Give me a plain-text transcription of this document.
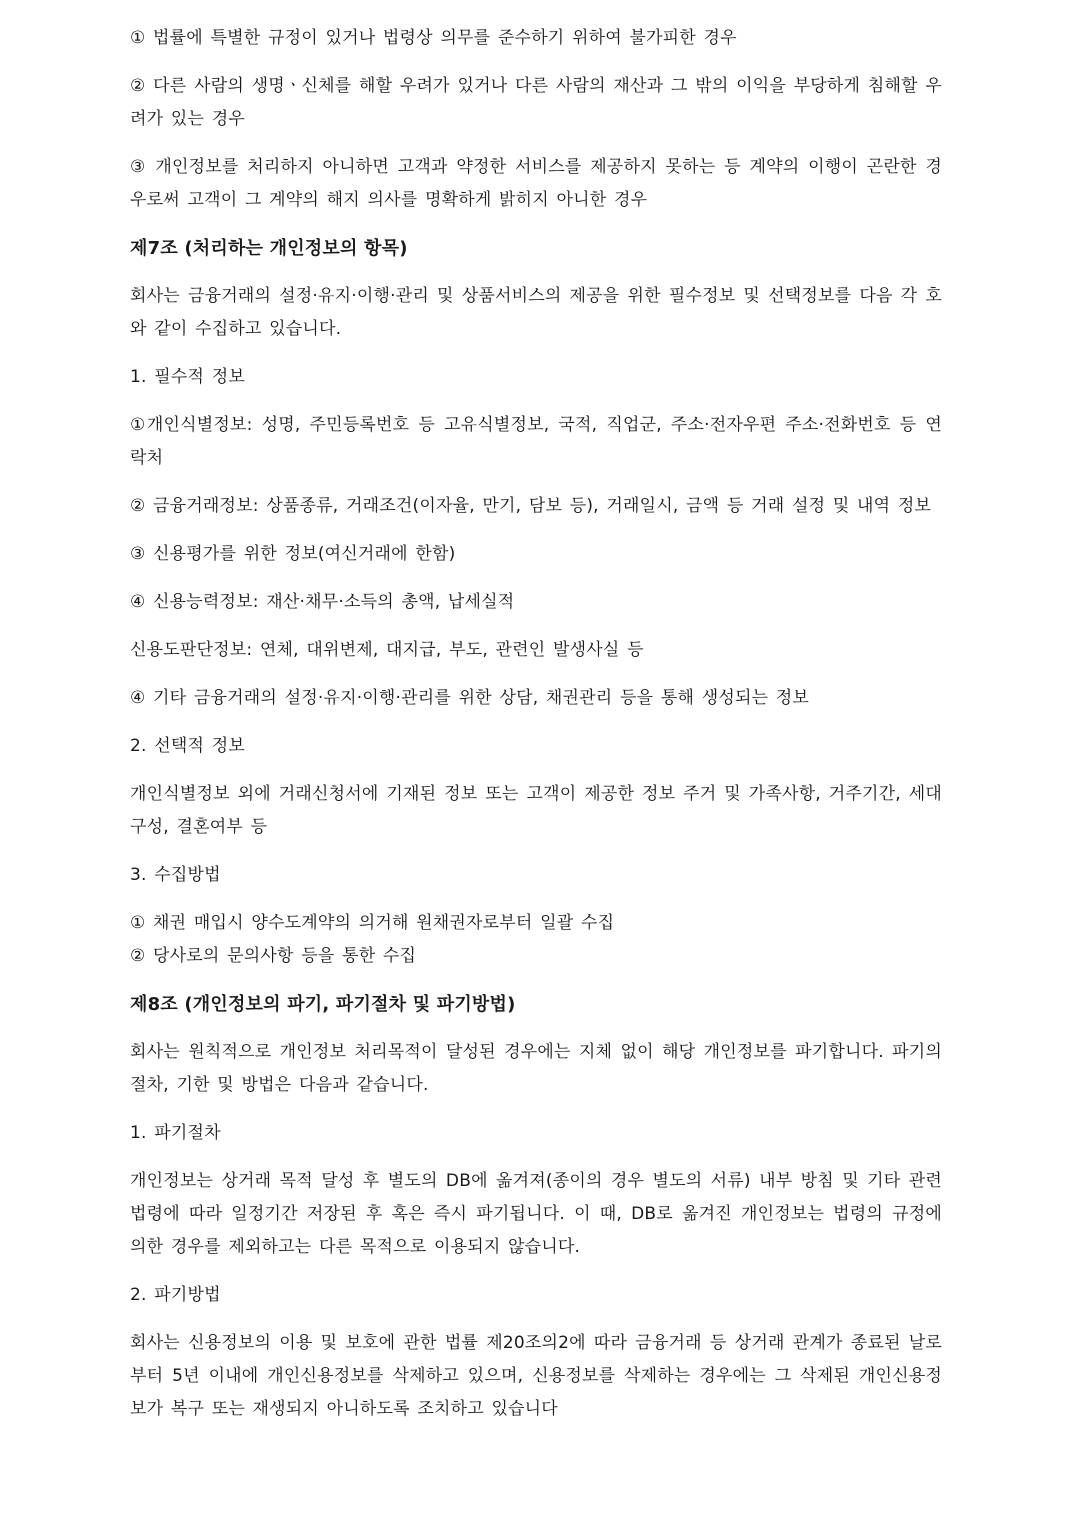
① 법률에 특별한 규정이 있거나 법령상 의무를 준수하기 위하여 불가피한 경우
② 다른 사람의 생명ㆍ신체를 해할 우려가 있거나 다른 사람의 재산과 그 밖의 이익을 부당하게 침해할 우려가 있는 경우
③ 개인정보를 처리하지 아니하면 고객과 약정한 서비스를 제공하지 못하는 등 계약의 이행이 곤란한 경우로써 고객이 그 계약의 해지 의사를 명확하게 밝히지 아니한 경우
제7조 (처리하는 개인정보의 항목)
회사는 금융거래의 설정·유지·이행·관리 및 상품서비스의 제공을 위한 필수정보 및 선택정보를 다음 각 호와 같이 수집하고 있습니다.
1. 필수적 정보
①개인식별정보: 성명, 주민등록번호 등 고유식별정보, 국적, 직업군, 주소·전자우편 주소·전화번호 등 연락처
② 금융거래정보: 상품종류, 거래조건(이자율, 만기, 담보 등), 거래일시, 금액 등 거래 설정 및 내역 정보
③ 신용평가를 위한 정보(여신거래에 한함)
④ 신용능력정보: 재산·채무·소득의 총액, 납세실적
신용도판단정보: 연체, 대위변제, 대지급, 부도, 관련인 발생사실 등
④ 기타 금융거래의 설정·유지·이행·관리를 위한 상담, 채권관리 등을 통해 생성되는 정보
2. 선택적 정보
개인식별정보 외에 거래신청서에 기재된 정보 또는 고객이 제공한 정보 주거 및 가족사항, 거주기간, 세대구성, 결혼여부 등
3. 수집방법
① 채권 매입시 양수도계약의 의거해 원채권자로부터 일괄 수집
② 당사로의 문의사항 등을 통한 수집
제8조 (개인정보의 파기, 파기절차 및 파기방법)
회사는 원칙적으로 개인정보 처리목적이 달성된 경우에는 지체 없이 해당 개인정보를 파기합니다. 파기의 절차, 기한 및 방법은 다음과 같습니다.
1. 파기절차
개인정보는 상거래 목적 달성 후 별도의 DB에 옮겨져(종이의 경우 별도의 서류) 내부 방침 및 기타 관련 법령에 따라 일정기간 저장된 후 혹은 즉시 파기됩니다. 이 때, DB로 옮겨진 개인정보는 법령의 규정에 의한 경우를 제외하고는 다른 목적으로 이용되지 않습니다.
2. 파기방법
회사는 신용정보의 이용 및 보호에 관한 법률 제20조의2에 따라 금융거래 등 상거래 관계가 종료된 날로부터 5년 이내에 개인신용정보를 삭제하고 있으며, 신용정보를 삭제하는 경우에는 그 삭제된 개인신용정보가 복구 또는 재생되지 아니하도록 조치하고 있습니다
